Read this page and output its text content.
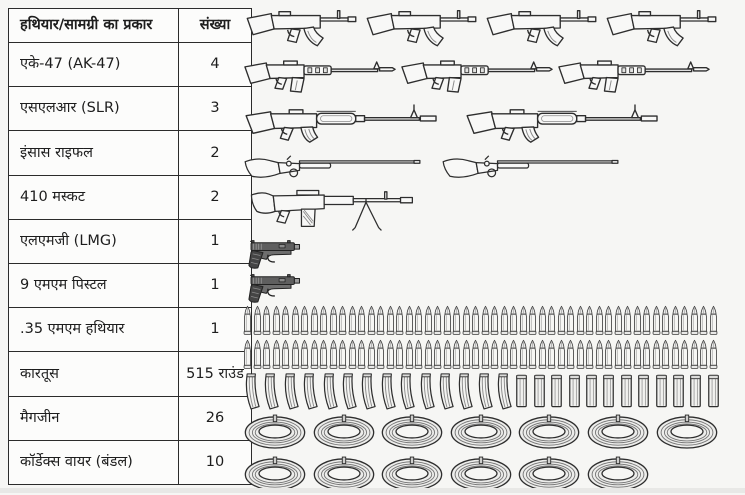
हथियार/सामग्री का प्रकार	संख्या
एके-47 (AK-47)	4
एसएलआर (SLR)	3
इंसास राइफल	2
410 मस्कट	2
एलएमजी (LMG)	1
9 एमएम पिस्टल	1
.35 एमएम हथियार	1
कारतूस	515 राउंड
मैगजीन	26
कॉर्डेक्स वायर (बंडल)	10
